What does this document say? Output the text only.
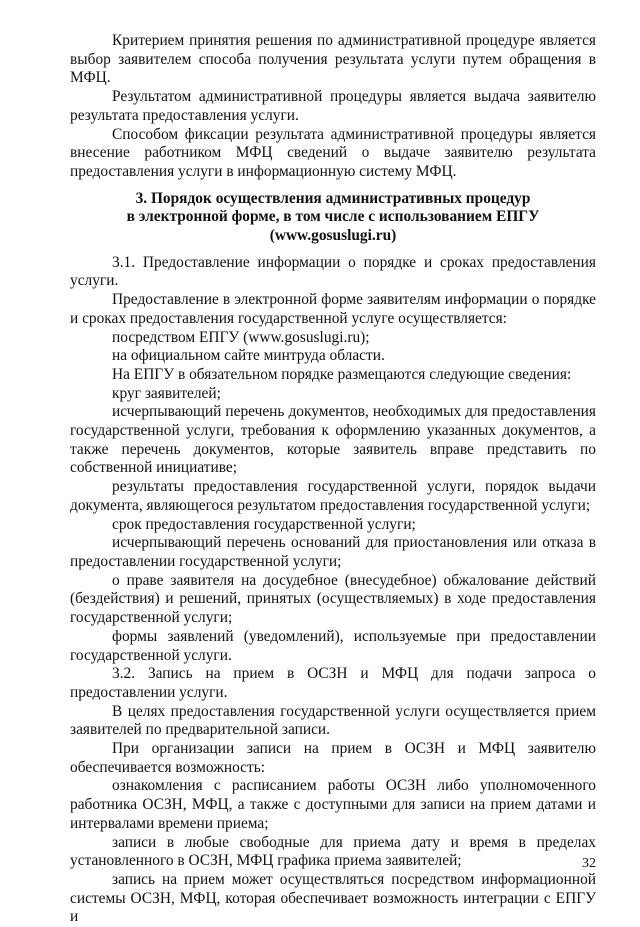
Критерием принятия решения по административной процедуре является выбор заявителем способа получения результата услуги путем обращения в МФЦ.

Результатом административной процедуры является выдача заявителю результата предоставления услуги.

Способом фиксации результата административной процедуры является внесение работником МФЦ сведений о выдаче заявителю результата предоставления услуги в информационную систему МФЦ.

3. Порядок осуществления административных процедур
в электронной форме, в том числе с использованием ЕПГУ
(www.gosuslugi.ru)

3.1. Предоставление информации о порядке и сроках предоставления услуги.

Предоставление в электронной форме заявителям информации о порядке и сроках предоставления государственной услуге осуществляется:

посредством ЕПГУ (www.gosuslugi.ru);

на официальном сайте минтруда области.

На ЕПГУ в обязательном порядке размещаются следующие сведения:

круг заявителей;

исчерпывающий перечень документов, необходимых для предоставления государственной услуги, требования к оформлению указанных документов, а также перечень документов, которые заявитель вправе представить по собственной инициативе;

результаты предоставления государственной услуги, порядок выдачи документа, являющегося результатом предоставления государственной услуги;

срок предоставления государственной услуги;

исчерпывающий перечень оснований для приостановления или отказа в предоставлении государственной услуги;

о праве заявителя на досудебное (внесудебное) обжалование действий (бездействия) и решений, принятых (осуществляемых) в ходе предоставления государственной услуги;

формы заявлений (уведомлений), используемые при предоставлении государственной услуги.

3.2. Запись на прием в ОСЗН и МФЦ для подачи запроса о предоставлении услуги.

В целях предоставления государственной услуги осуществляется прием заявителей по предварительной записи.

При организации записи на прием в ОСЗН и МФЦ заявителю обеспечивается возможность:

ознакомления с расписанием работы ОСЗН либо уполномоченного работника ОСЗН, МФЦ, а также с доступными для записи на прием датами и интервалами времени приема;

записи в любые свободные для приема дату и время в пределах установленного в ОСЗН, МФЦ графика приема заявителей;

запись на прием может осуществляться посредством информационной системы ОСЗН, МФЦ, которая обеспечивает возможность интеграции с ЕПГУ и

32
